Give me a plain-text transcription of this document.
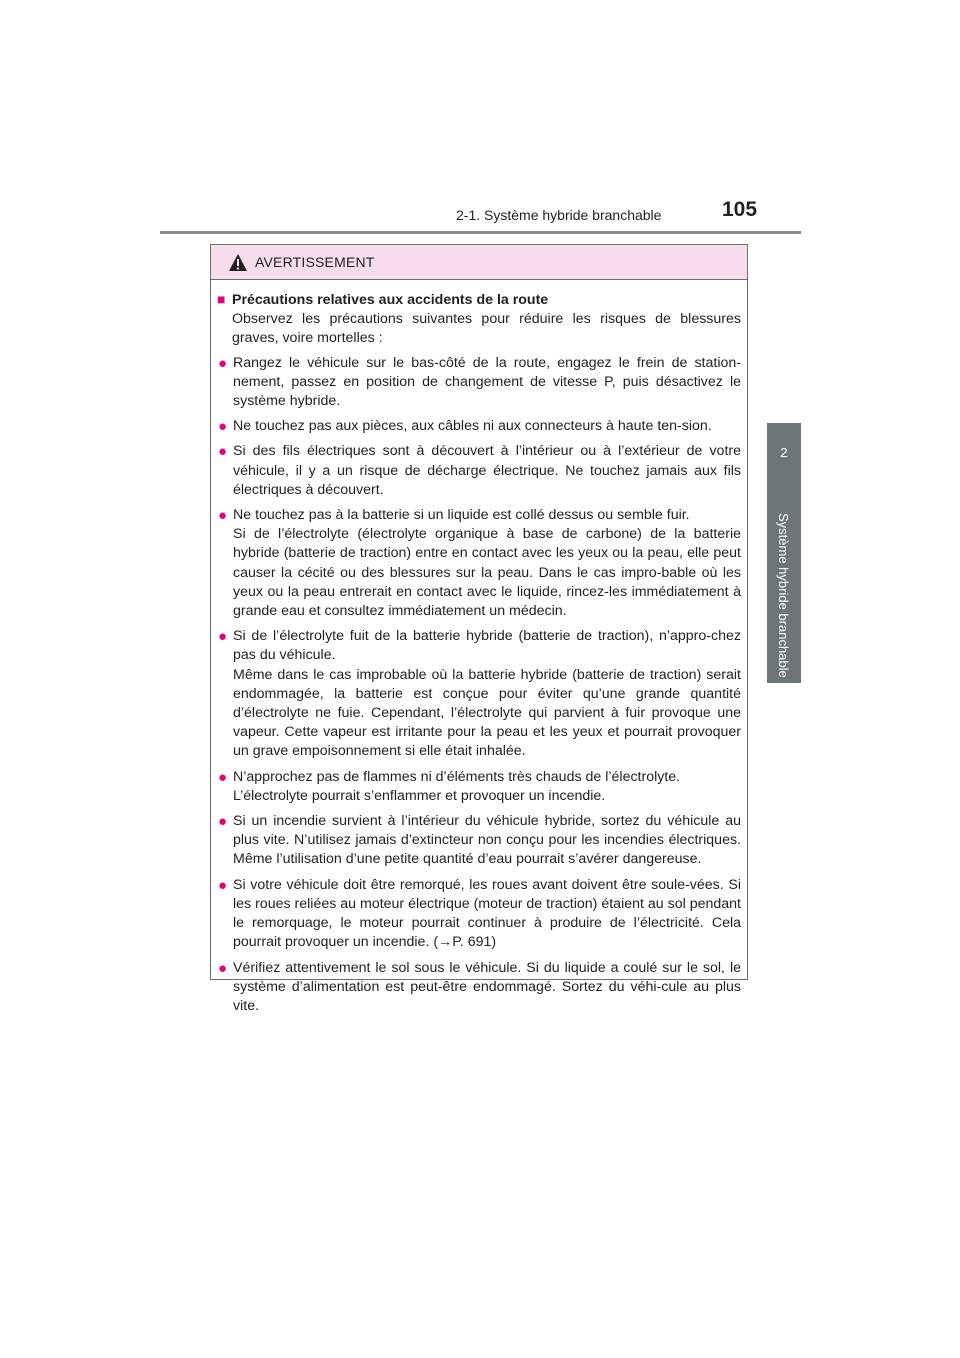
2-1. Système hybride branchable	105
2
Système hybride branchable
AVERTISSEMENT
■ Précautions relatives aux accidents de la route
Observez les précautions suivantes pour réduire les risques de blessures graves, voire mortelles :
● Rangez le véhicule sur le bas-côté de la route, engagez le frein de station-nement, passez en position de changement de vitesse P, puis désactivez le système hybride.

● Ne touchez pas aux pièces, aux câbles ni aux connecteurs à haute ten-sion.

● Si des fils électriques sont à découvert à l’intérieur ou à l’extérieur de votre véhicule, il y a un risque de décharge électrique. Ne touchez jamais aux fils électriques à découvert.

● Ne touchez pas à la batterie si un liquide est collé dessus ou semble fuir.

Si de l’électrolyte (électrolyte organique à base de carbone) de la batterie hybride (batterie de traction) entre en contact avec les yeux ou la peau, elle peut causer la cécité ou des blessures sur la peau. Dans le cas impro-bable où les yeux ou la peau entrerait en contact avec le liquide, rincez-les immédiatement à grande eau et consultez immédiatement un médecin.

● Si de l’électrolyte fuit de la batterie hybride (batterie de traction), n’appro-chez pas du véhicule.

Même dans le cas improbable où la batterie hybride (batterie de traction) serait endommagée, la batterie est conçue pour éviter qu’une grande quantité d’électrolyte ne fuie. Cependant, l’électrolyte qui parvient à fuir provoque une vapeur. Cette vapeur est irritante pour la peau et les yeux et pourrait provoquer un grave empoisonnement si elle était inhalée.

● N’approchez pas de flammes ni d’éléments très chauds de l’électrolyte.

L’électrolyte pourrait s’enflammer et provoquer un incendie.

● Si un incendie survient à l’intérieur du véhicule hybride, sortez du véhicule au plus vite. N’utilisez jamais d’extincteur non conçu pour les incendies électriques. Même l’utilisation d’une petite quantité d’eau pourrait s’avérer dangereuse.

● Si votre véhicule doit être remorqué, les roues avant doivent être soule-vées. Si les roues reliées au moteur électrique (moteur de traction) étaient au sol pendant le remorquage, le moteur pourrait continuer à produire de l’électricité. Cela pourrait provoquer un incendie. (→P. 691)

● Vérifiez attentivement le sol sous le véhicule. Si du liquide a coulé sur le sol, le système d’alimentation est peut-être endommagé. Sortez du véhi-cule au plus vite.
